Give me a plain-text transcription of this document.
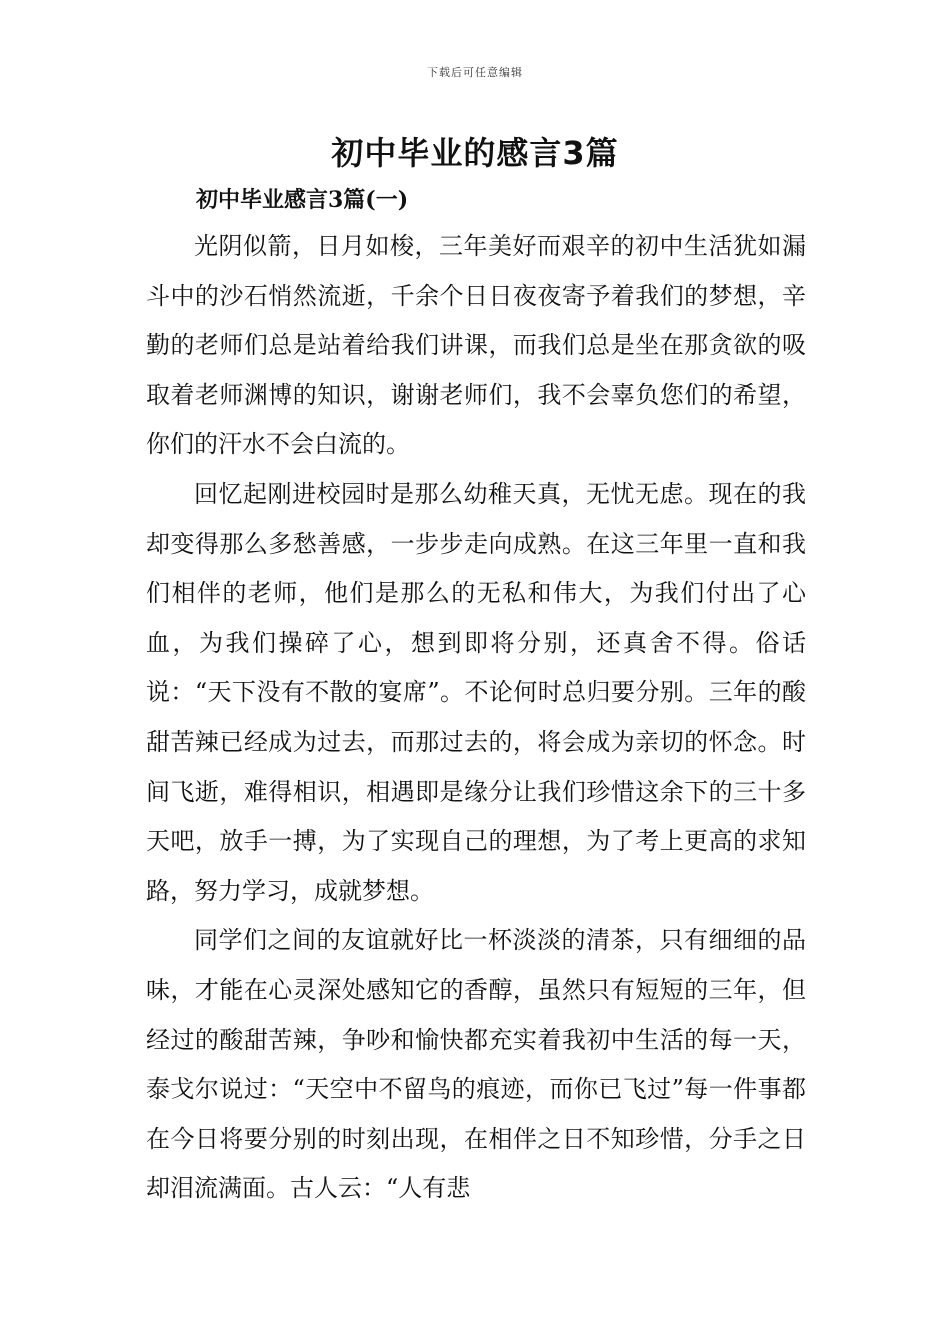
下载后可任意编辑
初中毕业的感言3篇
初中毕业感言3篇(一)

光阴似箭，日月如梭，三年美好而艰辛的初中生活犹如漏斗中的沙石悄然流逝，千余个日日夜夜寄予着我们的梦想，辛勤的老师们总是站着给我们讲课，而我们总是坐在那贪欲的吸取着老师渊博的知识，谢谢老师们，我不会辜负您们的希望，你们的汗水不会白流的。

回忆起刚进校园时是那么幼稚天真，无忧无虑。现在的我却变得那么多愁善感，一步步走向成熟。在这三年里一直和我们相伴的老师，他们是那么的无私和伟大，为我们付出了心血，为我们操碎了心，想到即将分别，还真舍不得。俗话说：“天下没有不散的宴席”。不论何时总归要分别。三年的酸甜苦辣已经成为过去，而那过去的，将会成为亲切的怀念。时间飞逝，难得相识，相遇即是缘分让我们珍惜这余下的三十多天吧，放手一搏，为了实现自己的理想，为了考上更高的求知路，努力学习，成就梦想。

同学们之间的友谊就好比一杯淡淡的清茶，只有细细的品味，才能在心灵深处感知它的香醇，虽然只有短短的三年，但经过的酸甜苦辣，争吵和愉快都充实着我初中生活的每一天，泰戈尔说过：“天空中不留鸟的痕迹，而你已飞过”每一件事都在今日将要分别的时刻出现，在相伴之日不知珍惜，分手之日却泪流满面。古人云：“人有悲
